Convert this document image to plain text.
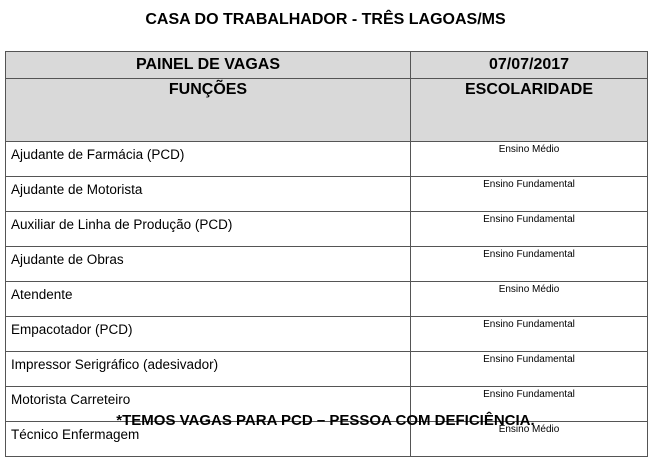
CASA DO TRABALHADOR - TRÊS LAGOAS/MS
PAINEL DE VAGAS	07/07/2017
FUNÇÕES	ESCOLARIDADE
Ajudante de Farmácia (PCD)	Ensino Médio
Ajudante de Motorista	Ensino Fundamental
Auxiliar de Linha de Produção (PCD)	Ensino Fundamental
Ajudante de Obras	Ensino Fundamental
Atendente	Ensino Médio
Empacotador (PCD)	Ensino Fundamental
Impressor Serigráfico (adesivador)	Ensino Fundamental
Motorista Carreteiro	Ensino Fundamental
Técnico Enfermagem	Ensino Médio
*TEMOS VAGAS PARA PCD – PESSOA COM DEFICIÊNCIA.
